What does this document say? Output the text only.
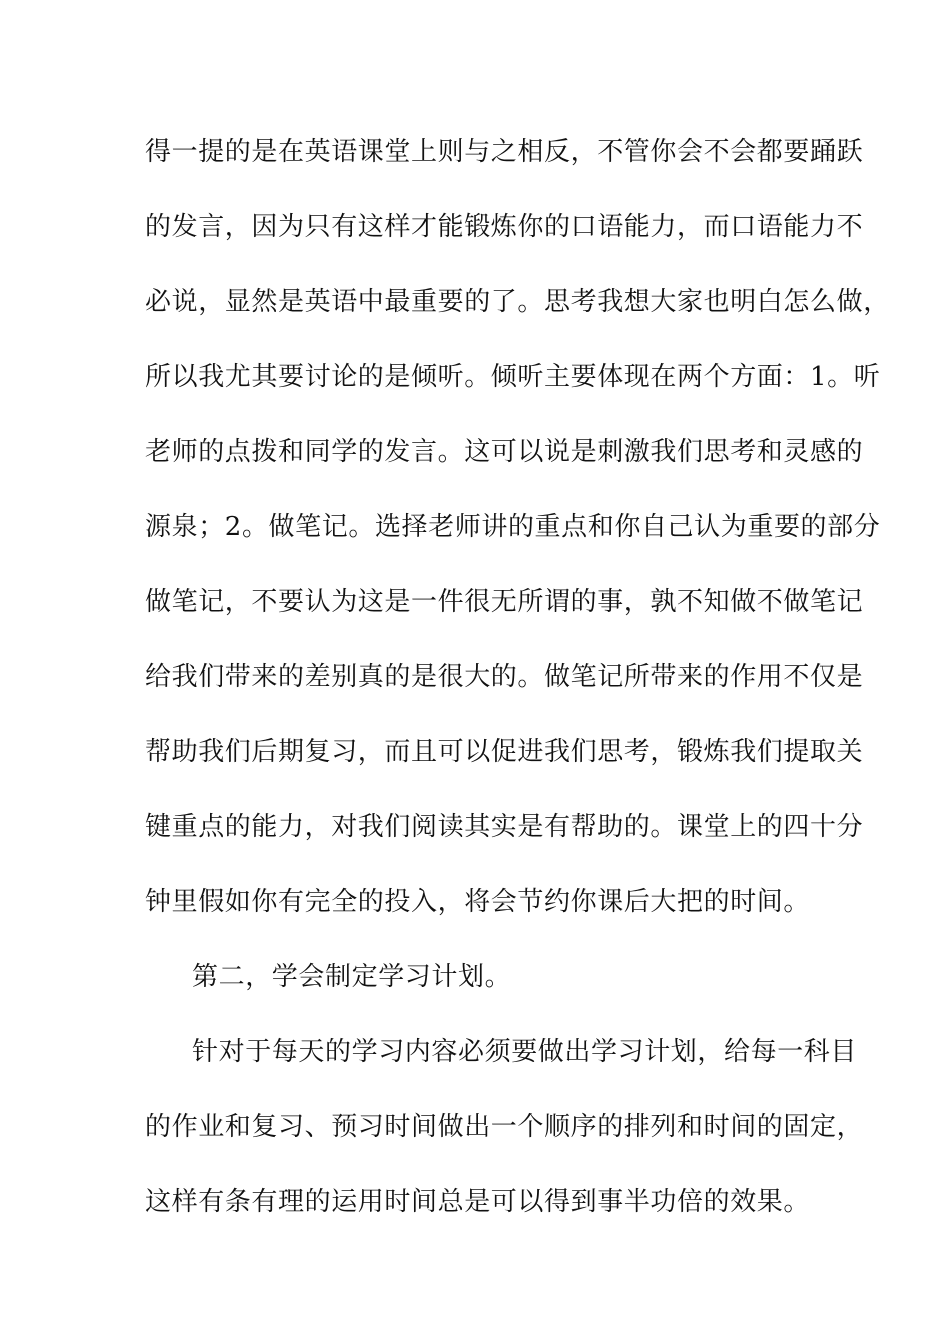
得一提的是在英语课堂上则与之相反，不管你会不会都要踊跃
的发言，因为只有这样才能锻炼你的口语能力，而口语能力不
必说，显然是英语中最重要的了。思考我想大家也明白怎么做，
所以我尤其要讨论的是倾听。倾听主要体现在两个方面：1。听
老师的点拨和同学的发言。这可以说是刺激我们思考和灵感的
源泉；2。做笔记。选择老师讲的重点和你自己认为重要的部分
做笔记，不要认为这是一件很无所谓的事，孰不知做不做笔记
给我们带来的差别真的是很大的。做笔记所带来的作用不仅是
帮助我们后期复习，而且可以促进我们思考，锻炼我们提取关
键重点的能力，对我们阅读其实是有帮助的。课堂上的四十分
钟里假如你有完全的投入，将会节约你课后大把的时间。
第二，学会制定学习计划。
针对于每天的学习内容必须要做出学习计划，给每一科目
的作业和复习、预习时间做出一个顺序的排列和时间的固定，
这样有条有理的运用时间总是可以得到事半功倍的效果。
